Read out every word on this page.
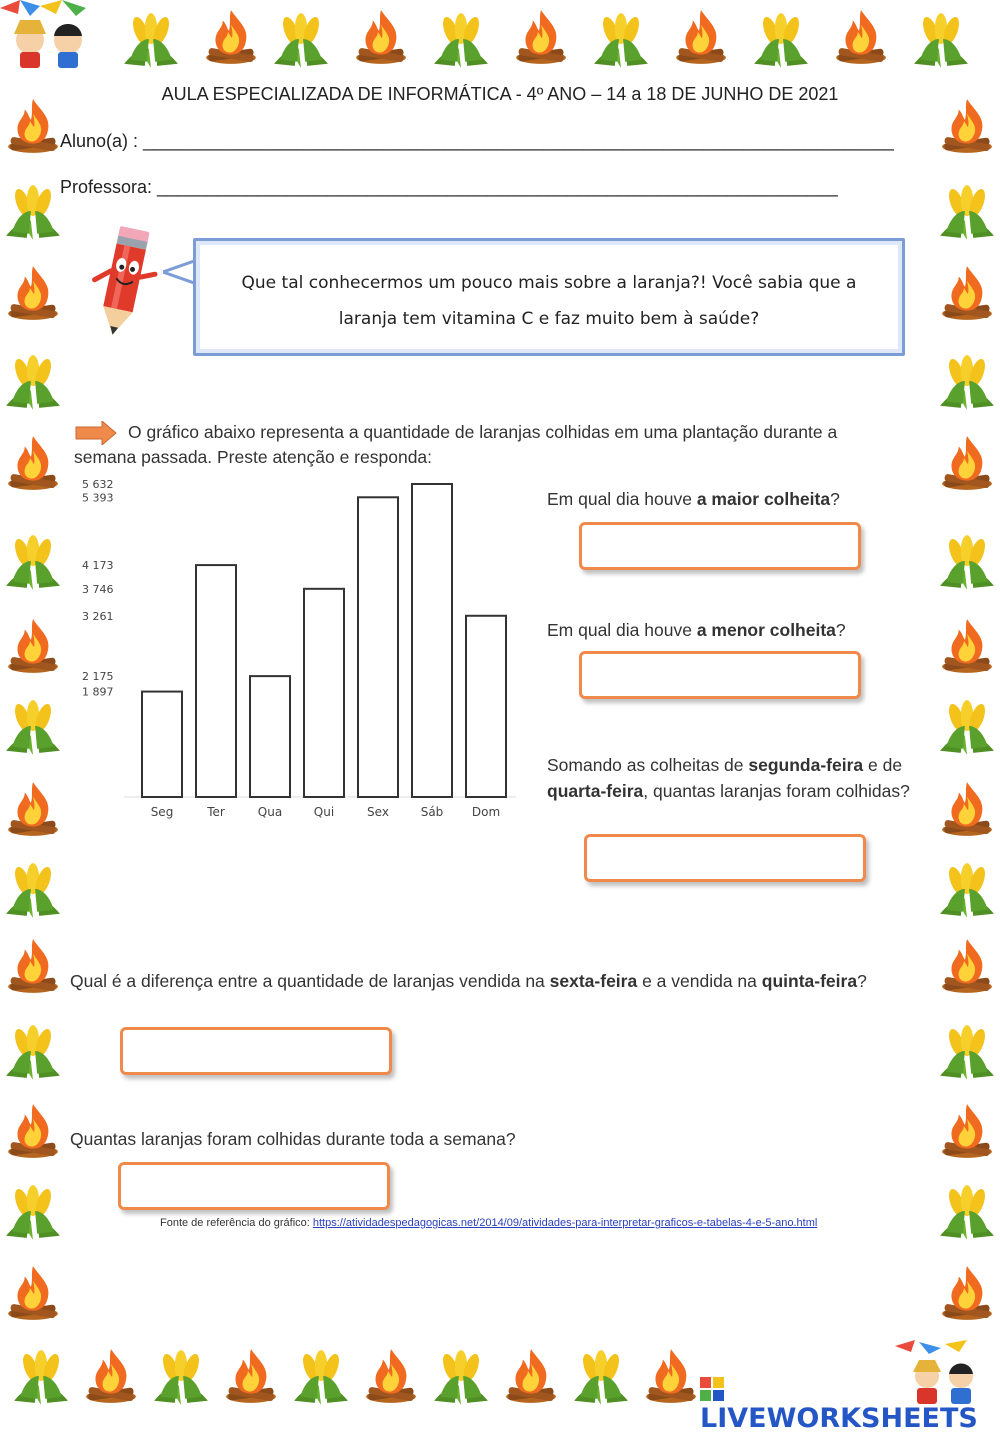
AULA ESPECIALIZADA DE INFORMÁTICA - 4º ANO – 14 a 18 DE JUNHO DE 2021
Aluno(a) : ___________________________________________________________________________
Professora: ____________________________________________________________________
Que tal conhecermos um pouco mais sobre a laranja?! Você sabia que a
laranja tem vitamina C e faz muito bem à saúde?
O gráfico abaixo representa a quantidade de laranjas colhidas em uma plantação durante a semana passada. Preste atenção e responda:
5 632
5 393
4 173
3 746
3 261
2 175
1 897
Seg	Ter	Qua	Qui	Sex	Sáb Dom
Em qual dia houve a maior colheita?
Em qual dia houve a menor colheita?
Somando as colheitas de segunda-feira e de quarta-feira, quantas laranjas foram colhidas?
Qual é a diferença entre a quantidade de laranjas vendida na sexta-feira e a vendida na quinta-feira?
Quantas laranjas foram colhidas durante toda a semana?
Fonte de referência do gráfico: https://atividadespedagogicas.net/2014/09/atividades-para-interpretar-graficos-e-tabelas-4-e-5-ano.html
LIVEWORKSHEETS
